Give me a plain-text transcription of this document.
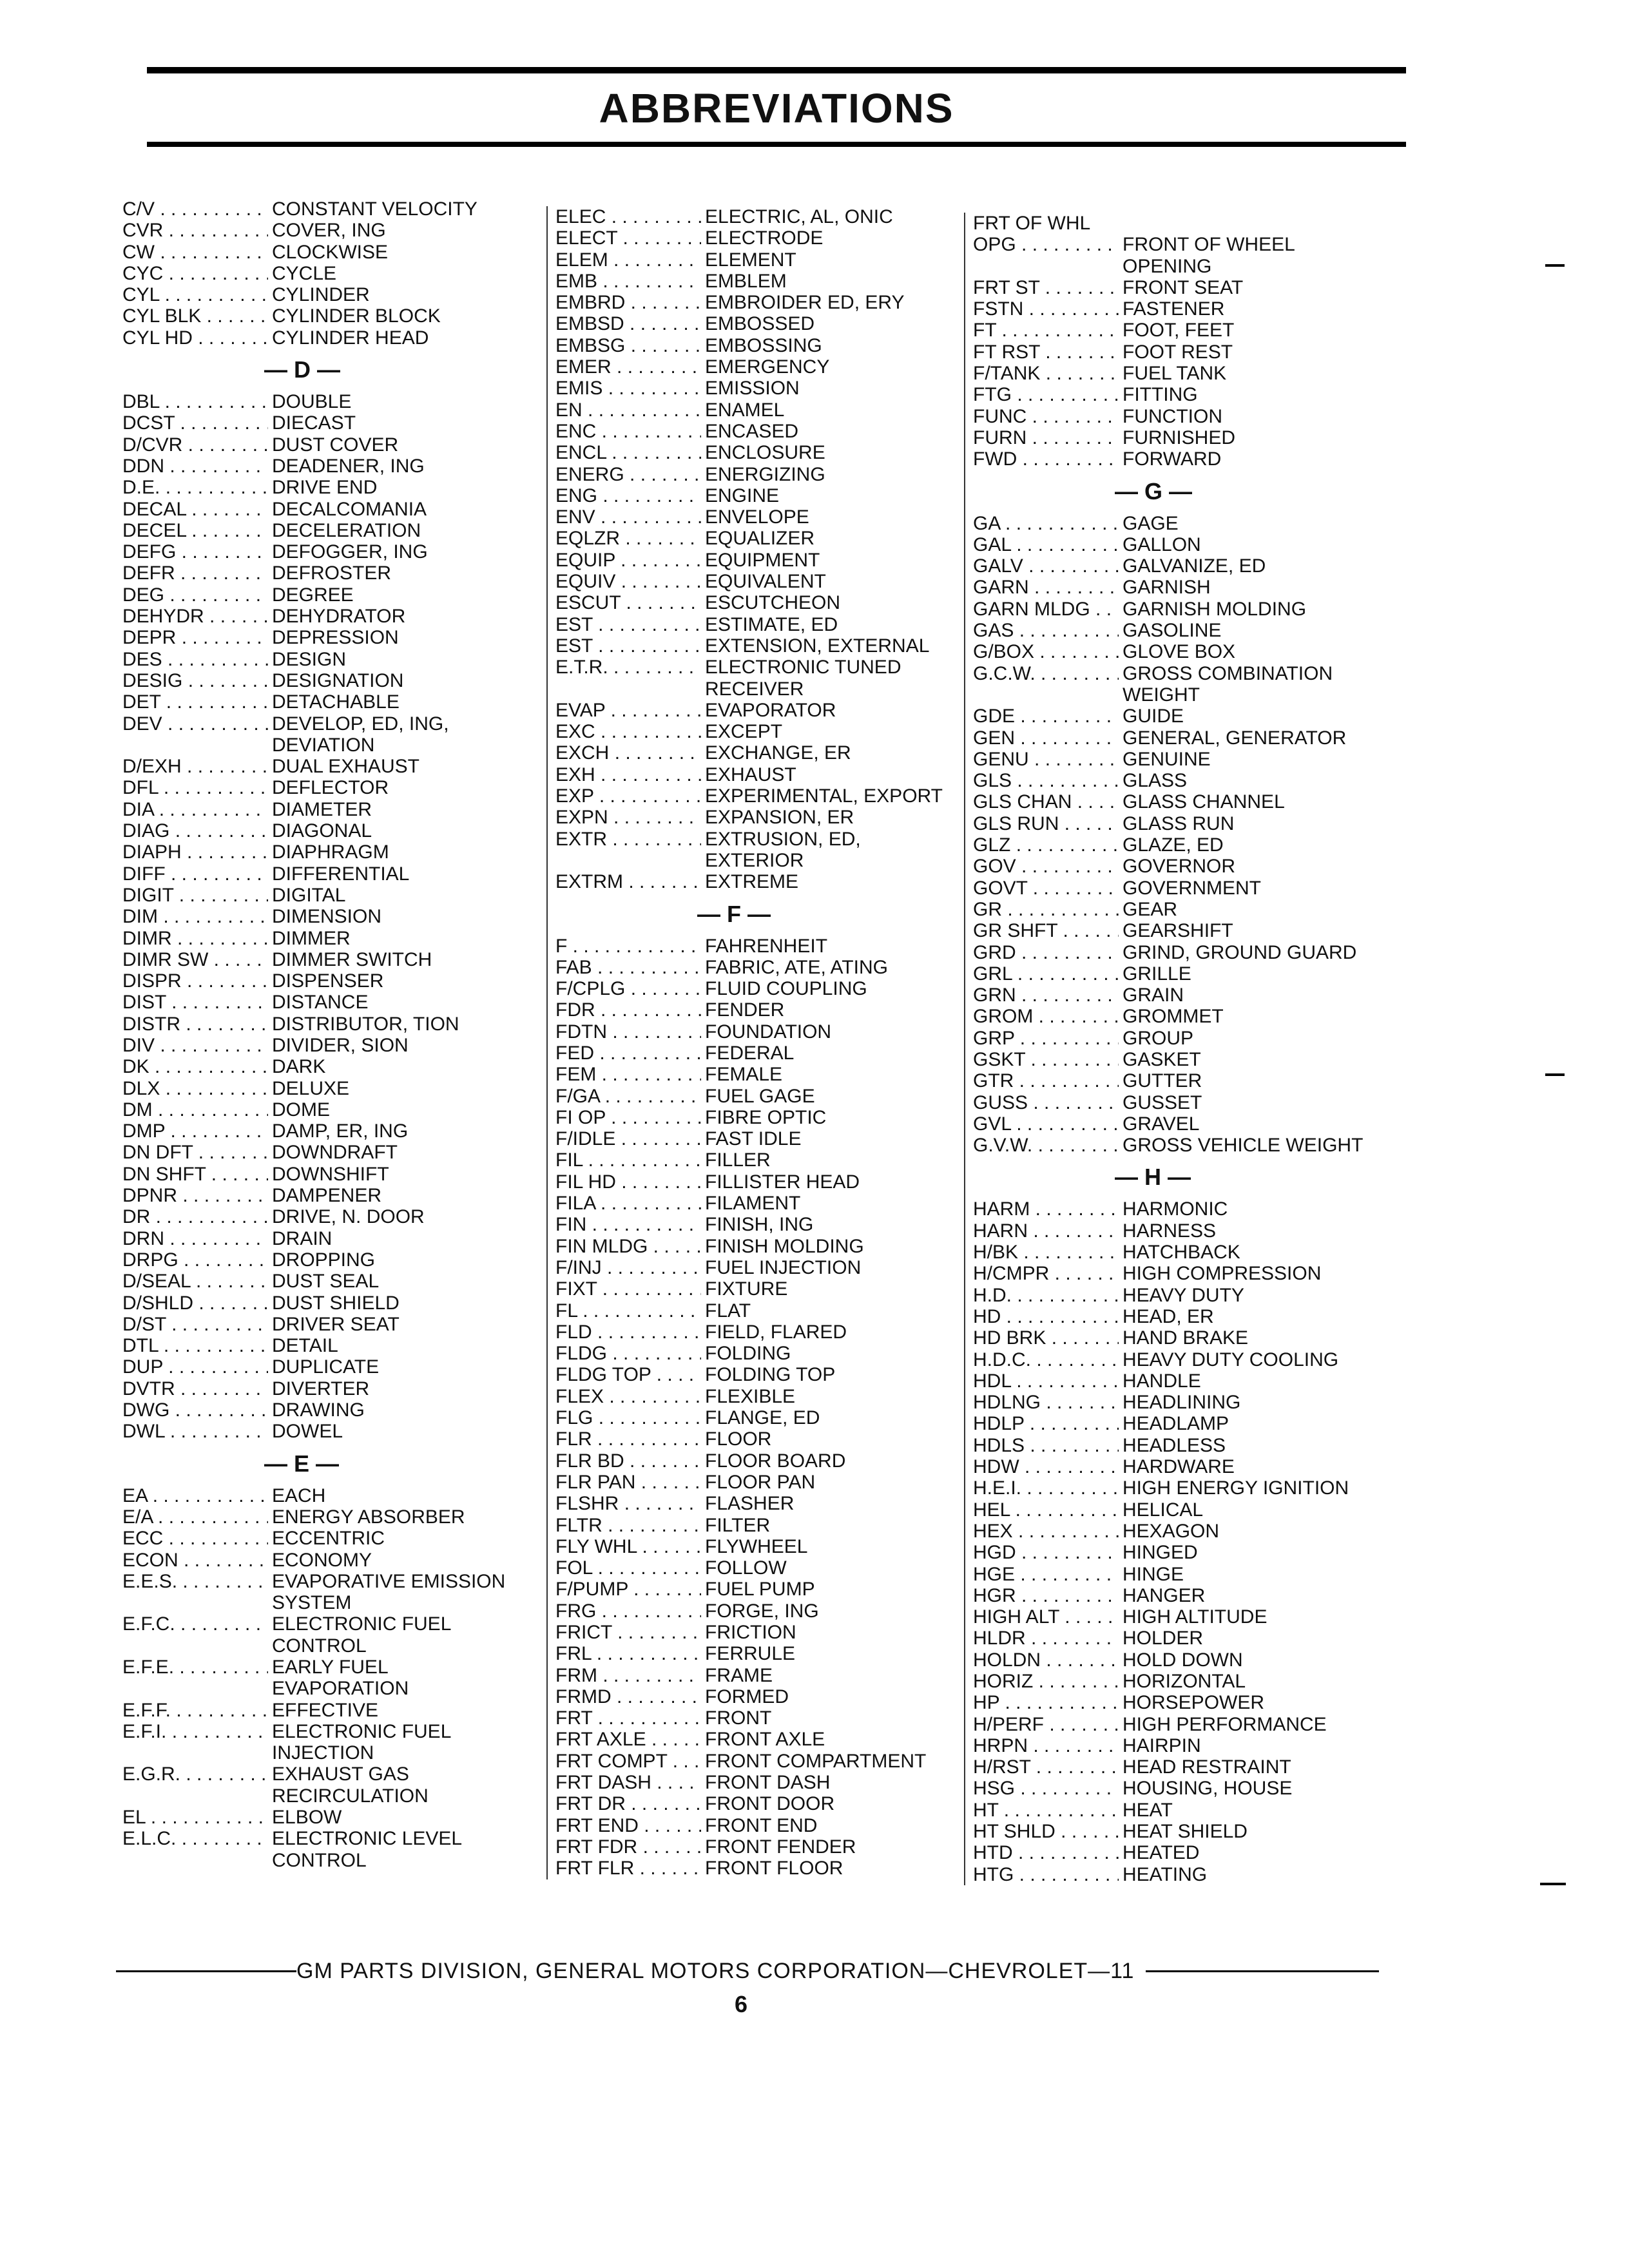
ABBREVIATIONS
C/V . . .	CONSTANT VELOCITY
CVR . . .	COVER, ING
CW . . .	CLOCKWISE
CYC . . .	CYCLE
CYL . . .	CYLINDER
CYL BLK . . .	CYLINDER BLOCK
CYL HD . . .	CYLINDER HEAD
— D —
DBL . . .	DOUBLE
DCST . . .	DIECAST
D/CVR . . .	DUST COVER
DDN . . .	DEADENER, ING
D.E. . . .	DRIVE END
DECAL . . .	DECALCOMANIA
DECEL . . .	DECELERATION
DEFG . . .	DEFOGGER, ING
DEFR . . .	DEFROSTER
DEG . . .	DEGREE
DEHYDR . . .	DEHYDRATOR
DEPR . . .	DEPRESSION
DES . . .	DESIGN
DESIG . . .	DESIGNATION
DET . . .	DETACHABLE
DEV . . .	DEVELOP, ED, ING,
DEVIATION
D/EXH . . .	DUAL EXHAUST
DFL . . .	DEFLECTOR
DIA . . .	DIAMETER
DIAG . . .	DIAGONAL
DIAPH . . .	DIAPHRAGM
DIFF . . .	DIFFERENTIAL
DIGIT . . .	DIGITAL
DIM . . .	DIMENSION
DIMR . . .	DIMMER
DIMR SW . . .	DIMMER SWITCH
DISPR . . .	DISPENSER
DIST . . .	DISTANCE
DISTR . . .	DISTRIBUTOR, TION
DIV . . .	DIVIDER, SION
DK . . .	DARK
DLX . . .	DELUXE
DM . . .	DOME
DMP . . .	DAMP, ER, ING
DN DFT . . .	DOWNDRAFT
DN SHFT . . .	DOWNSHIFT
DPNR . . .	DAMPENER
DR . . .	DRIVE, N. DOOR
DRN . . .	DRAIN
DRPG . . .	DROPPING
D/SEAL . . .	DUST SEAL
D/SHLD . . .	DUST SHIELD
D/ST . . .	DRIVER SEAT
DTL . . .	DETAIL
DUP . . .	DUPLICATE
DVTR . . .	DIVERTER
DWG . . .	DRAWING
DWL . . .	DOWEL
— E —
EA . . .	EACH
E/A . . .	ENERGY ABSORBER
ECC . . .	ECCENTRIC
ECON . . .	ECONOMY
E.E.S. . . .	EVAPORATIVE EMISSION
SYSTEM
E.F.C. . . .	ELECTRONIC FUEL
CONTROL
E.F.E. . . .	EARLY FUEL
EVAPORATION
E.F.F. . . .	EFFECTIVE
E.F.I. . . .	ELECTRONIC FUEL
INJECTION
E.G.R. . . .	EXHAUST GAS
RECIRCULATION
EL . . .	ELBOW
E.L.C. . . .	ELECTRONIC LEVEL
CONTROL
ELEC . . .	ELECTRIC, AL, ONIC
ELECT . . .	ELECTRODE
ELEM . . .	ELEMENT
EMB . . .	EMBLEM
EMBRD . . .	EMBROIDER ED, ERY
EMBSD . . .	EMBOSSED
EMBSG . . .	EMBOSSING
EMER . . .	EMERGENCY
EMIS . . .	EMISSION
EN . . .	ENAMEL
ENC . . .	ENCASED
ENCL . . .	ENCLOSURE
ENERG . . .	ENERGIZING
ENG . . .	ENGINE
ENV . . .	ENVELOPE
EQLZR . . .	EQUALIZER
EQUIP . . .	EQUIPMENT
EQUIV . . .	EQUIVALENT
ESCUT . . .	ESCUTCHEON
EST . . .	ESTIMATE, ED
EST . . .	EXTENSION, EXTERNAL
E.T.R. . . .	ELECTRONIC TUNED
RECEIVER
EVAP . . .	EVAPORATOR
EXC . . .	EXCEPT
EXCH . . .	EXCHANGE, ER
EXH . . .	EXHAUST
EXP . . .	EXPERIMENTAL, EXPORT
EXPN . . .	EXPANSION, ER
EXTR . . .	EXTRUSION, ED,
EXTERIOR
EXTRM . . .	EXTREME
— F —
F . . .	FAHRENHEIT
FAB . . .	FABRIC, ATE, ATING
F/CPLG . . .	FLUID COUPLING
FDR . . .	FENDER
FDTN . . .	FOUNDATION
FED . . .	FEDERAL
FEM . . .	FEMALE
F/GA . . .	FUEL GAGE
FI OP . . .	FIBRE OPTIC
F/IDLE . . .	FAST IDLE
FIL . . .	FILLER
FIL HD . . .	FILLISTER HEAD
FILA . . .	FILAMENT
FIN . . .	FINISH, ING
FIN MLDG . . .	FINISH MOLDING
F/INJ . . .	FUEL INJECTION
FIXT . . .	FIXTURE
FL . . .	FLAT
FLD . . .	FIELD, FLARED
FLDG . . .	FOLDING
FLDG TOP . . .	FOLDING TOP
FLEX . . .	FLEXIBLE
FLG . . .	FLANGE, ED
FLR . . .	FLOOR
FLR BD . . .	FLOOR BOARD
FLR PAN . . .	FLOOR PAN
FLSHR . . .	FLASHER
FLTR . . .	FILTER
FLY WHL . . .	FLYWHEEL
FOL . . .	FOLLOW
F/PUMP . . .	FUEL PUMP
FRG . . .	FORGE, ING
FRICT . . .	FRICTION
FRL . . .	FERRULE
FRM . . .	FRAME
FRMD . . .	FORMED
FRT . . .	FRONT
FRT AXLE . . .	FRONT AXLE
FRT COMPT . . .	FRONT COMPARTMENT
FRT DASH . . .	FRONT DASH
FRT DR . . .	FRONT DOOR
FRT END . . .	FRONT END
FRT FDR . . .	FRONT FENDER
FRT FLR . . .	FRONT FLOOR
FRT OF WHL
OPG . . .	FRONT OF WHEEL
OPENING
FRT ST . . .	FRONT SEAT
FSTN . . .	FASTENER
FT . . .	FOOT, FEET
FT RST . . .	FOOT REST
F/TANK . . .	FUEL TANK
FTG . . .	FITTING
FUNC . . .	FUNCTION
FURN . . .	FURNISHED
FWD . . .	FORWARD
— G —
GA . . .	GAGE
GAL . . .	GALLON
GALV . . .	GALVANIZE, ED
GARN . . .	GARNISH
GARN MLDG . . .	GARNISH MOLDING
GAS . . .	GASOLINE
G/BOX . . .	GLOVE BOX
G.C.W. . . .	GROSS COMBINATION
WEIGHT
GDE . . .	GUIDE
GEN . . .	GENERAL, GENERATOR
GENU . . .	GENUINE
GLS . . .	GLASS
GLS CHAN . . .	GLASS CHANNEL
GLS RUN . . .	GLASS RUN
GLZ . . .	GLAZE, ED
GOV . . .	GOVERNOR
GOVT . . .	GOVERNMENT
GR . . .	GEAR
GR SHFT . . .	GEARSHIFT
GRD . . .	GRIND, GROUND GUARD
GRL . . .	GRILLE
GRN . . .	GRAIN
GROM . . .	GROMMET
GRP . . .	GROUP
GSKT . . .	GASKET
GTR . . .	GUTTER
GUSS . . .	GUSSET
GVL . . .	GRAVEL
G.V.W. . . .	GROSS VEHICLE WEIGHT
— H —
HARM . . .	HARMONIC
HARN . . .	HARNESS
H/BK . . .	HATCHBACK
H/CMPR . . .	HIGH COMPRESSION
H.D. . . .	HEAVY DUTY
HD . . .	HEAD, ER
HD BRK . . .	HAND BRAKE
H.D.C. . . .	HEAVY DUTY COOLING
HDL . . .	HANDLE
HDLNG . . .	HEADLINING
HDLP . . .	HEADLAMP
HDLS . . .	HEADLESS
HDW . . .	HARDWARE
H.E.I. . . .	HIGH ENERGY IGNITION
HEL . . .	HELICAL
HEX . . .	HEXAGON
HGD . . .	HINGED
HGE . . .	HINGE
HGR . . .	HANGER
HIGH ALT . . .	HIGH ALTITUDE
HLDR . . .	HOLDER
HOLDN . . .	HOLD DOWN
HORIZ . . .	HORIZONTAL
HP . . .	HORSEPOWER
H/PERF . . .	HIGH PERFORMANCE
HRPN . . .	HAIRPIN
H/RST . . .	HEAD RESTRAINT
HSG . . .	HOUSING, HOUSE
HT . . .	HEAT
HT SHLD . . .	HEAT SHIELD
HTD . . .	HEATED
HTG . . .	HEATING
GM PARTS DIVISION, GENERAL MOTORS CORPORATION—CHEVROLET—11
6
